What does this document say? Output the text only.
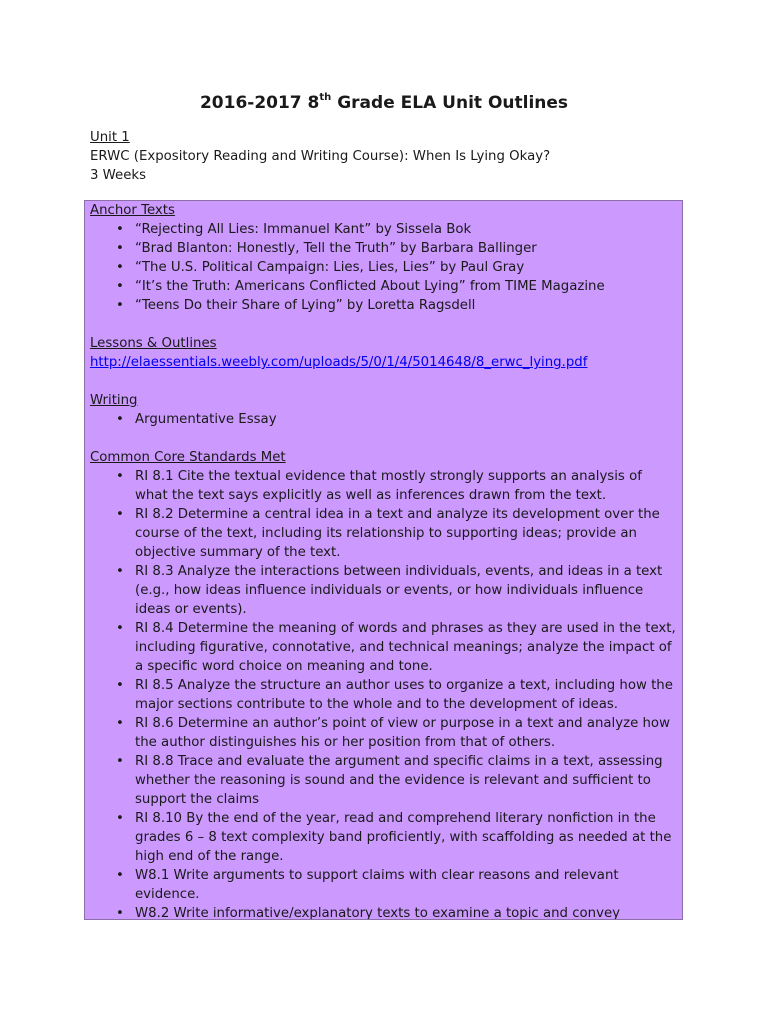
2016-2017 8th Grade ELA Unit Outlines
Unit 1
ERWC (Expository Reading and Writing Course): When Is Lying Okay?
3 Weeks

Anchor Texts

• “Rejecting All Lies: Immanuel Kant” by Sissela Bok
• “Brad Blanton: Honestly, Tell the Truth” by Barbara Ballinger
• “The U.S. Political Campaign: Lies, Lies, Lies” by Paul Gray
• “It’s the Truth: Americans Conflicted About Lying” from TIME Magazine
• “Teens Do their Share of Lying” by Loretta Ragsdell

Lessons & Outlines

http://elaessentials.weebly.com/uploads/5/0/1/4/5014648/8_erwc_lying.pdf

Writing

• Argumentative Essay

Common Core Standards Met

• RI 8.1 Cite the textual evidence that mostly strongly supports an analysis of what the text says explicitly as well as inferences drawn from the text.
• RI 8.2 Determine a central idea in a text and analyze its development over the course of the text, including its relationship to supporting ideas; provide an objective summary of the text.
• RI 8.3 Analyze the interactions between individuals, events, and ideas in a text (e.g., how ideas influence individuals or events, or how individuals influence ideas or events).
• RI 8.4 Determine the meaning of words and phrases as they are used in the text, including figurative, connotative, and technical meanings; analyze the impact of a specific word choice on meaning and tone.
• RI 8.5 Analyze the structure an author uses to organize a text, including how the major sections contribute to the whole and to the development of ideas.
• RI 8.6 Determine an author’s point of view or purpose in a text and analyze how the author distinguishes his or her position from that of others.
• RI 8.8 Trace and evaluate the argument and specific claims in a text, assessing whether the reasoning is sound and the evidence is relevant and sufficient to support the claims
• RI 8.10 By the end of the year, read and comprehend literary nonfiction in the grades 6 – 8 text complexity band proficiently, with scaffolding as needed at the high end of the range.
• W8.1 Write arguments to support claims with clear reasons and relevant evidence.
• W8.2 Write informative/explanatory texts to examine a topic and convey
